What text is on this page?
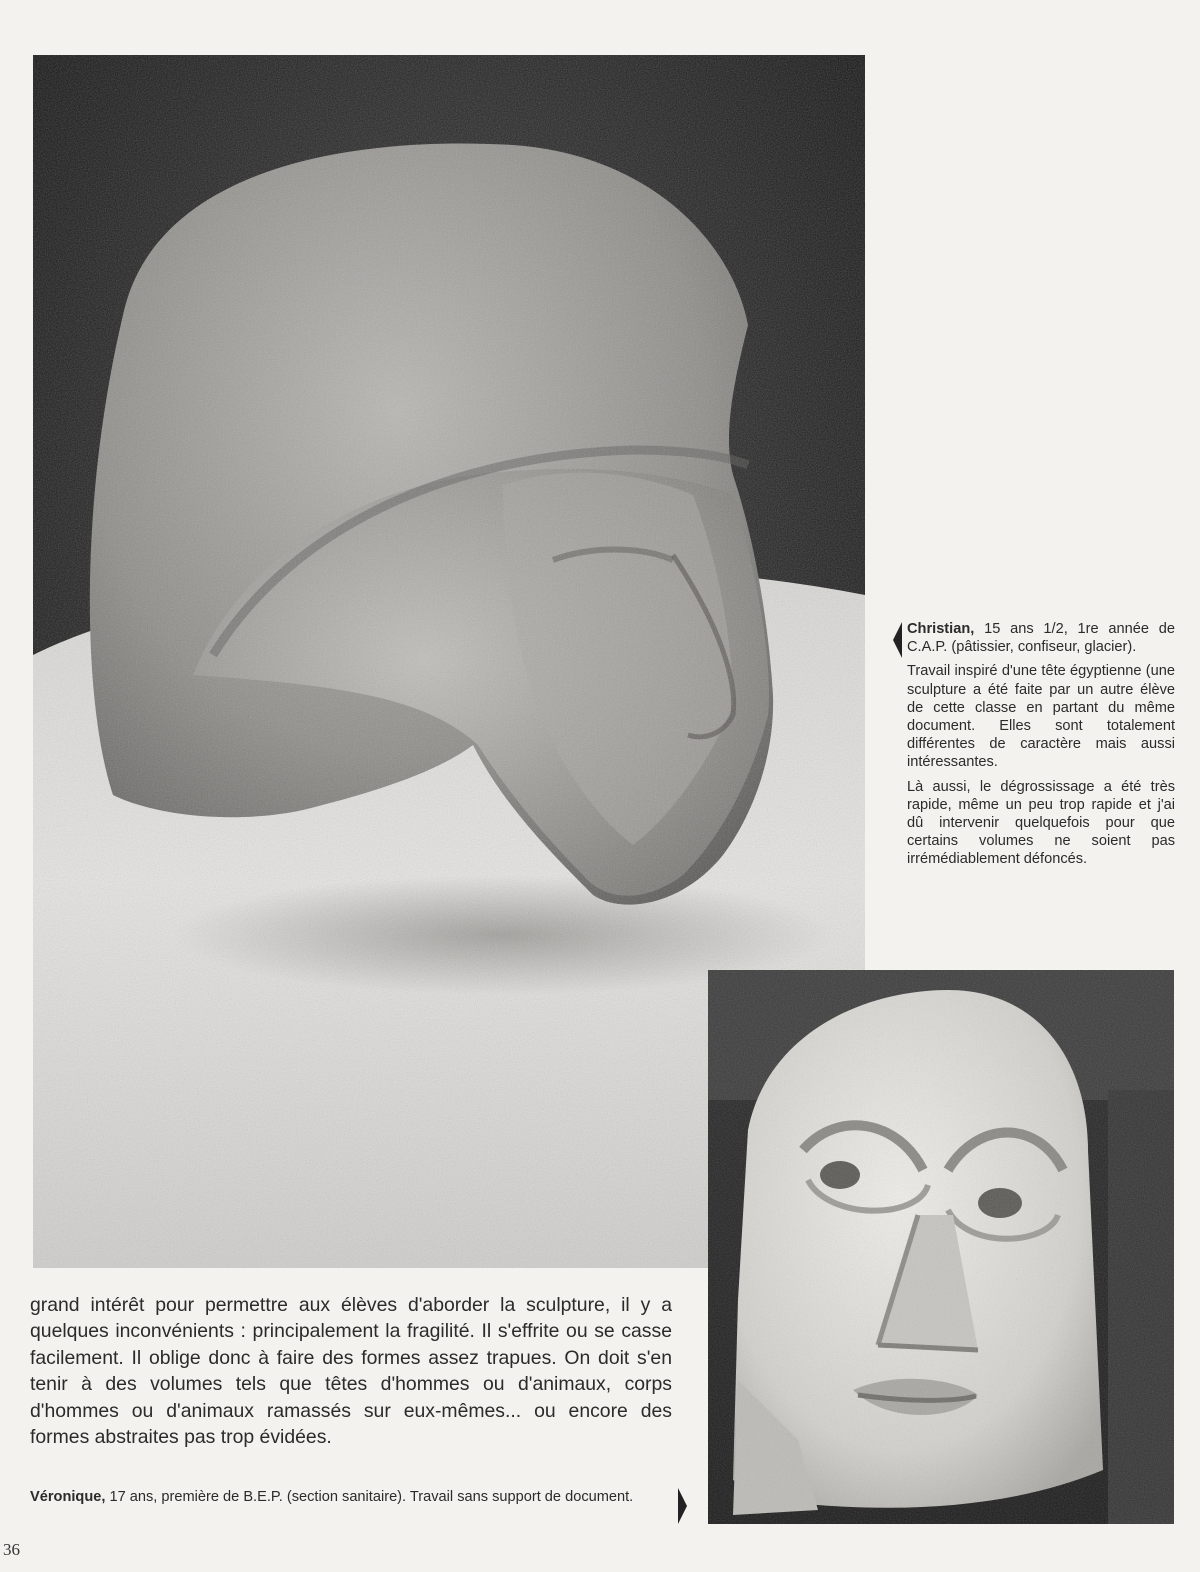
Christian, 15 ans 1/2, 1re année de C.A.P. (pâtissier, confiseur, glacier).

Travail inspiré d'une tête égyptienne (une sculpture a été faite par un autre élève de cette classe en partant du même document. Elles sont totalement différentes de caractère mais aussi intéressantes.

Là aussi, le dégrossissage a été très rapide, même un peu trop rapide et j'ai dû intervenir quelquefois pour que certains volumes ne soient pas irrémédiablement défoncés.

grand intérêt pour permettre aux élèves d'aborder la sculpture, il y a quelques inconvénients : principalement la fragilité. Il s'effrite ou se casse facilement. Il oblige donc à faire des formes assez trapues. On doit s'en tenir à des volumes tels que têtes d'hommes ou d'animaux, corps d'hommes ou d'animaux ramassés sur eux-mêmes... ou encore des formes abstraites pas trop évidées.
Véronique, 17 ans, première de B.E.P. (section sanitaire). Travail sans support de document.
36
